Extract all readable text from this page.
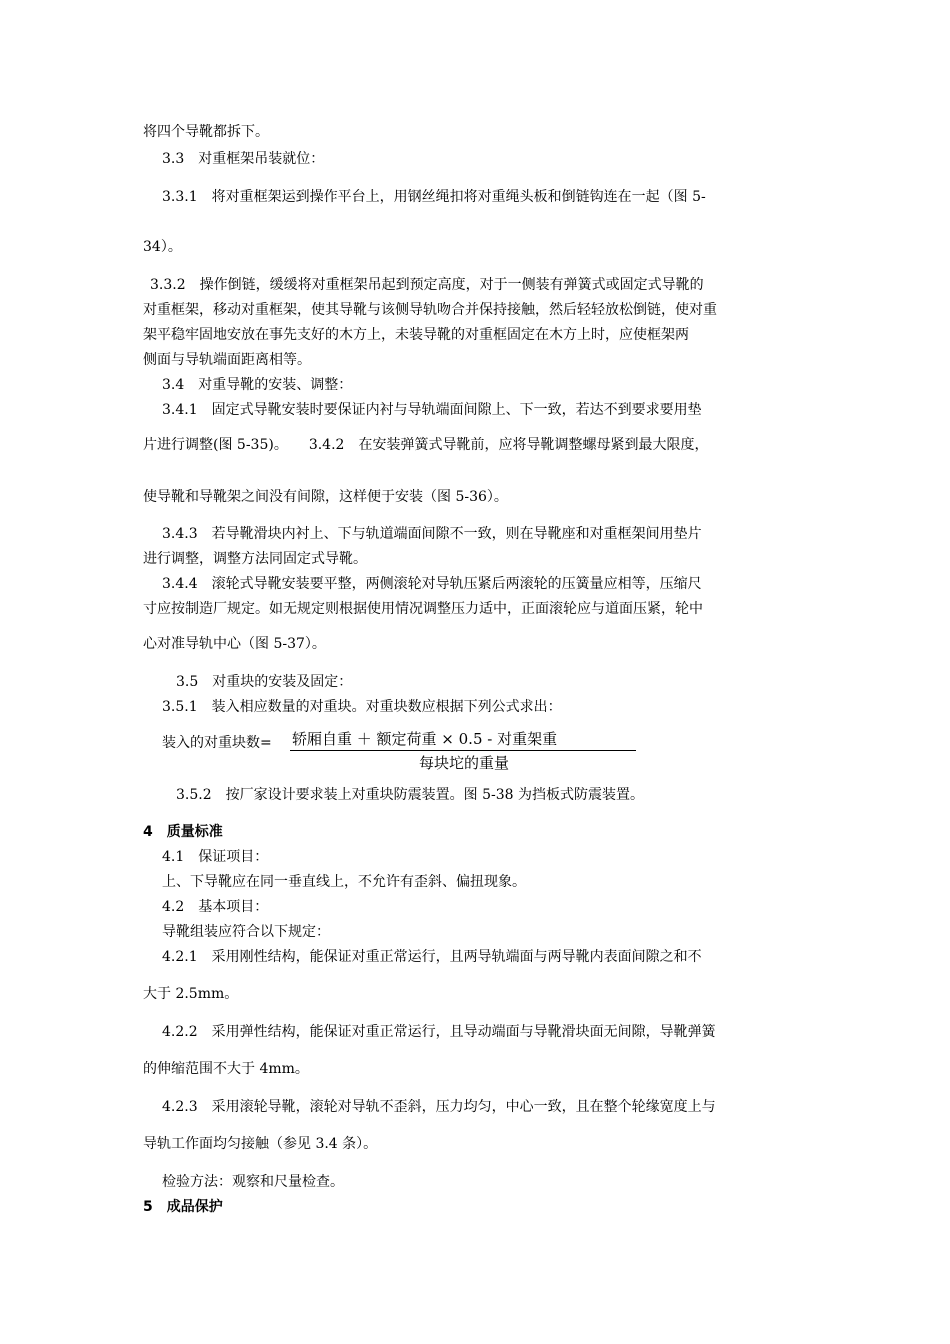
将四个导靴都拆下。
3.3　对重框架吊装就位：
3.3.1　将对重框架运到操作平台上，用钢丝绳扣将对重绳头板和倒链钩连在一起（图 5-
34）。
3.3.2　操作倒链，缓缓将对重框架吊起到预定高度，对于一侧装有弹簧式或固定式导靴的
对重框架，移动对重框架，使其导靴与该侧导轨吻合并保持接触，然后轻轻放松倒链，使对重
架平稳牢固地安放在事先支好的木方上，未装导靴的对重框固定在木方上时，应使框架两
侧面与导轨端面距离相等。
3.4　对重导靴的安装、调整：
3.4.1　固定式导靴安装时要保证内衬与导轨端面间隙上、下一致，若达不到要求要用垫
片进行调整(图 5-35)。　　3.4.2　在安装弹簧式导靴前，应将导靴调整螺母紧到最大限度，
使导靴和导靴架之间没有间隙，这样便于安装（图 5-36）。
3.4.3　若导靴滑块内衬上、下与轨道端面间隙不一致，则在导靴座和对重框架间用垫片
进行调整，调整方法同固定式导靴。
3.4.4　滚轮式导靴安装要平整，两侧滚轮对导轨压紧后两滚轮的压簧量应相等，压缩尺
寸应按制造厂规定。如无规定则根据使用情况调整压力适中，正面滚轮应与道面压紧，轮中
心对准导轨中心（图 5-37）。
3.5　对重块的安装及固定：
3.5.1　装入相应数量的对重块。对重块数应根据下列公式求出：
装入的对重块数= 轿厢自重 ＋ 额定荷重 × 0.5 - 对重架重
每块坨的重量
3.5.2　按厂家设计要求装上对重块防震装置。图 5-38 为挡板式防震装置。
4　质量标准
4.1　保证项目：
上、下导靴应在同一垂直线上，不允许有歪斜、偏扭现象。
4.2　基本项目：
导靴组装应符合以下规定：
4.2.1　采用刚性结构，能保证对重正常运行，且两导轨端面与两导靴内表面间隙之和不
大于 2.5mm。
4.2.2　采用弹性结构，能保证对重正常运行，且导动端面与导靴滑块面无间隙，导靴弹簧
的伸缩范围不大于 4mm。
4.2.3　采用滚轮导靴，滚轮对导轨不歪斜，压力均匀，中心一致，且在整个轮缘宽度上与
导轨工作面均匀接触（参见 3.4 条）。
检验方法：观察和尺量检查。
5　成品保护
